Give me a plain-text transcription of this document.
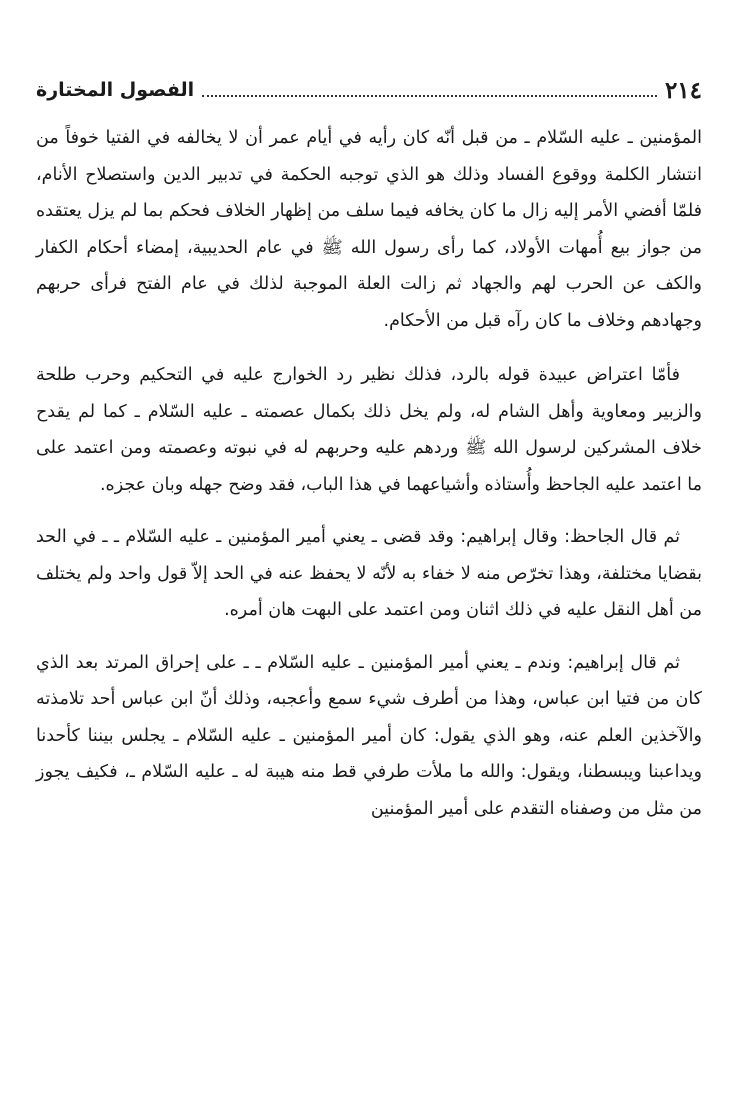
٢١٤
الفصول المختارة

المؤمنين ـ عليه السّلام ـ من قبل أنّه كان رأيه في أيام عمر أن لا يخالفه في الفتيا خوفاً من انتشار الكلمة ووقوع الفساد وذلك هو الذي توجبه الحكمة في تدبير الدين واستصلاح الأنام، فلمّا أفضي الأمر إليه زال ما كان يخافه فيما سلف من إظهار الخلاف فحكم بما لم يزل يعتقده من جواز بيع أُمهات الأولاد، كما رأى رسول الله ﷺ في عام الحديبية، إمضاء أحكام الكفار والكف عن الحرب لهم والجهاد ثم زالت العلة الموجبة لذلك في عام الفتح فرأى حربهم وجهادهم وخلاف ما كان رآه قبل من الأحكام.

فأمّا اعتراض عبيدة قوله بالرد، فذلك نظير رد الخوارج عليه في التحكيم وحرب طلحة والزبير ومعاوية وأهل الشام له، ولم يخل ذلك بكمال عصمته ـ عليه السّلام ـ كما لم يقدح خلاف المشركين لرسول الله ﷺ وردهم عليه وحربهم له في نبوته وعصمته ومن اعتمد على ما اعتمد عليه الجاحظ وأُستاذه وأشياعهما في هذا الباب، فقد وضح جهله وبان عجزه.

ثم قال الجاحظ: وقال إبراهيم: وقد قضى ـ يعني أمير المؤمنين ـ عليه السّلام ـ ـ في الحد بقضايا مختلفة، وهذا تخرّص منه لا خفاء به لأنّه لا يحفظ عنه في الحد إلاّ قول واحد ولم يختلف من أهل النقل عليه في ذلك اثنان ومن اعتمد على البهت هان أمره.

ثم قال إبراهيم: وندم ـ يعني أمير المؤمنين ـ عليه السّلام ـ ـ على إحراق المرتد بعد الذي كان من فتيا ابن عباس، وهذا من أطرف شيء سمع وأعجبه، وذلك أنّ ابن عباس أحد تلامذته والآخذين العلم عنه، وهو الذي يقول: كان أمير المؤمنين ـ عليه السّلام ـ يجلس بيننا كأحدنا ويداعبنا ويبسطنا، ويقول: والله ما ملأت طرفي قط منه هيبة له ـ عليه السّلام ـ، فكيف يجوز من مثل من وصفناه التقدم على أمير المؤمنين
